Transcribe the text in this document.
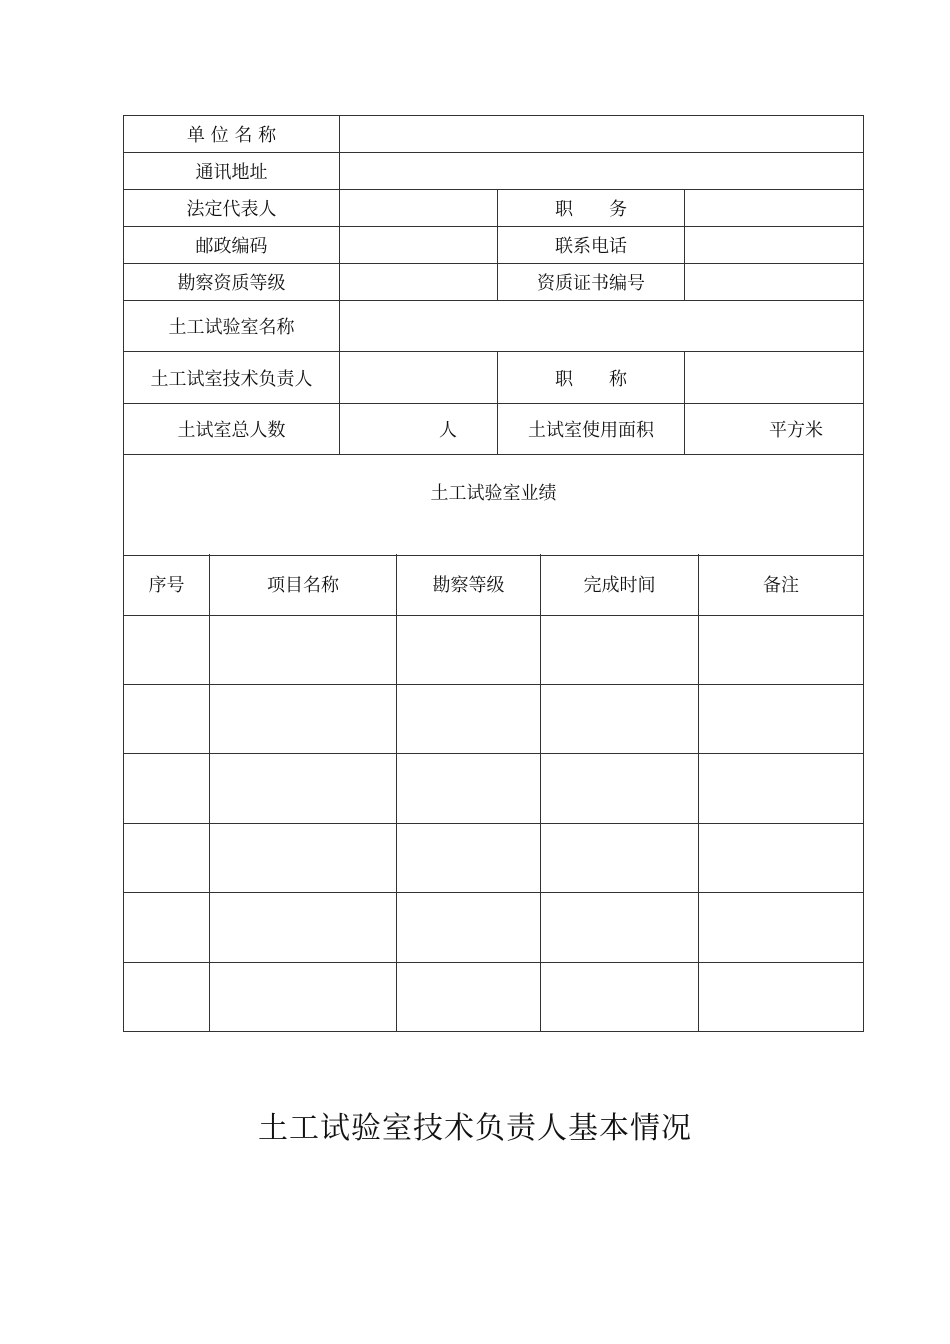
单 位 名 称			
通讯地址			
法定代表人		职　　务	
邮政编码		联系电话	
勘察资质等级		资质证书编号	
土工试验室名称			
土工试室技术负责人		职　　称	
土试室总人数	人	土试室使用面积	平方米
土工试验室业绩			
序号	项目名称	勘察等级	完成时间	备注

土工试验室技术负责人基本情况
